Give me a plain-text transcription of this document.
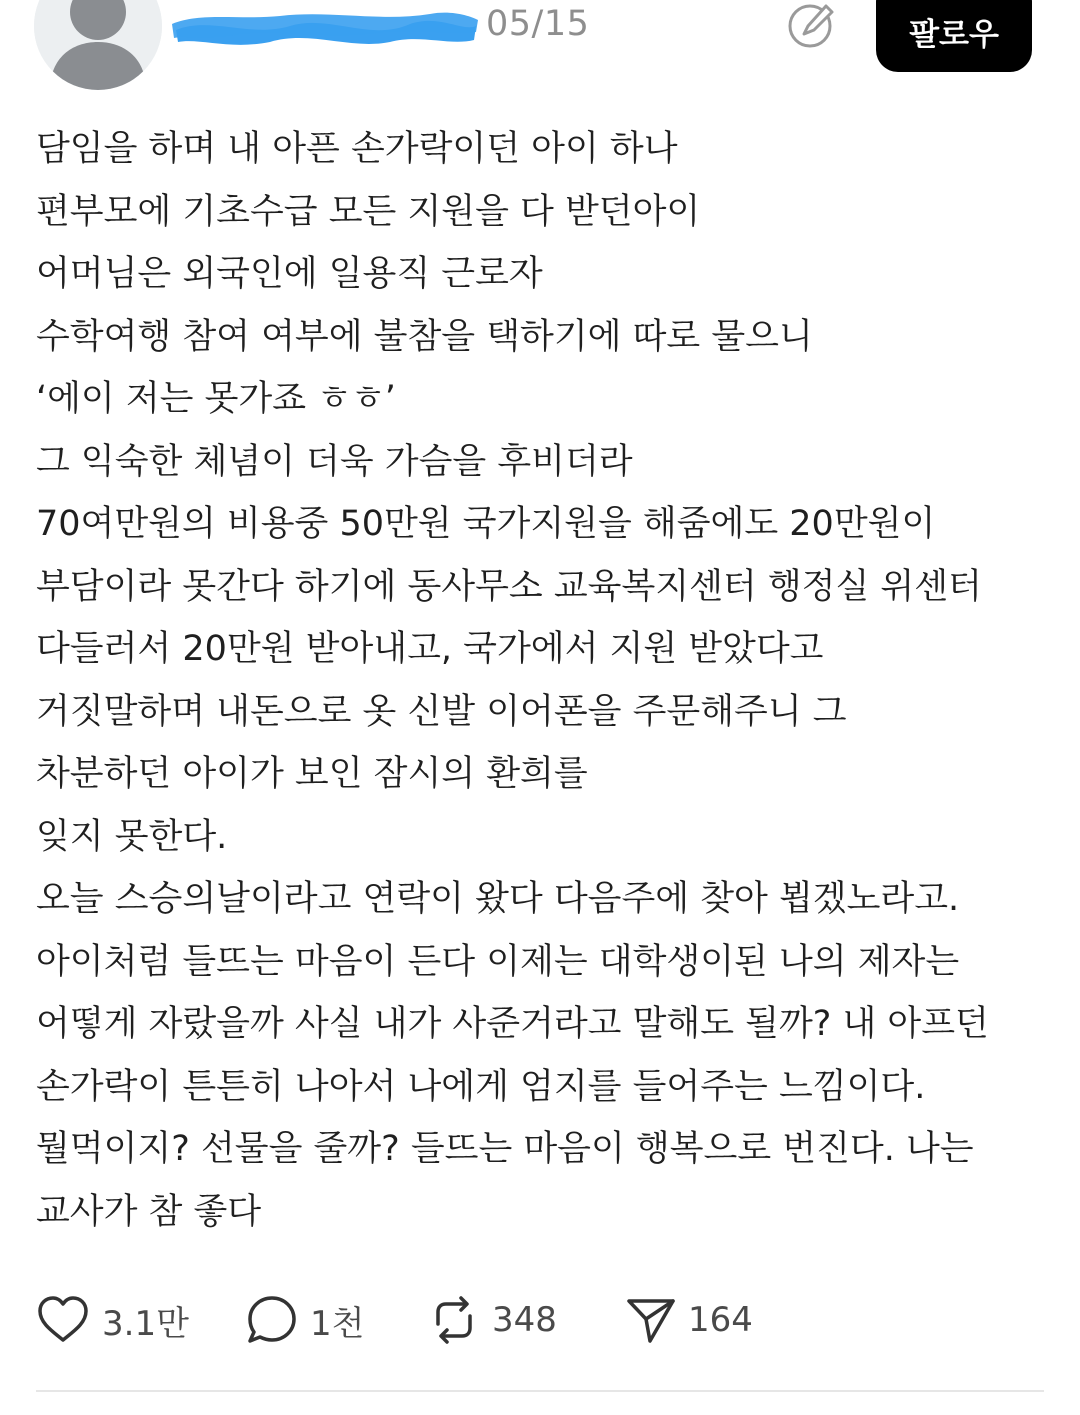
05/15	팔로우
담임을 하며 내 아픈 손가락이던 아이 하나
편부모에 기초수급 모든 지원을 다 받던아이
어머님은 외국인에 일용직 근로자
수학여행 참여 여부에 불참을 택하기에 따로 물으니
‘에이 저는 못가죠 ㅎㅎ’
그 익숙한 체념이 더욱 가슴을 후비더라
70여만원의 비용중 50만원 국가지원을 해줌에도 20만원이
부담이라 못간다 하기에 동사무소 교육복지센터 행정실 위센터
다들러서 20만원 받아내고, 국가에서 지원 받았다고
거짓말하며 내돈으로 옷 신발 이어폰을 주문해주니 그
차분하던 아이가 보인 잠시의 환희를
잊지 못한다.
오늘 스승의날이라고 연락이 왔다 다음주에 찾아 뵙겠노라고.
아이처럼 들뜨는 마음이 든다 이제는 대학생이된 나의 제자는
어떻게 자랐을까 사실 내가 사준거라고 말해도 될까? 내 아프던
손가락이 튼튼히 나아서 나에게 엄지를 들어주는 느낌이다.
뭘먹이지? 선물을 줄까? 들뜨는 마음이 행복으로 번진다. 나는
교사가 참 좋다
3.1만	1천	348	164
